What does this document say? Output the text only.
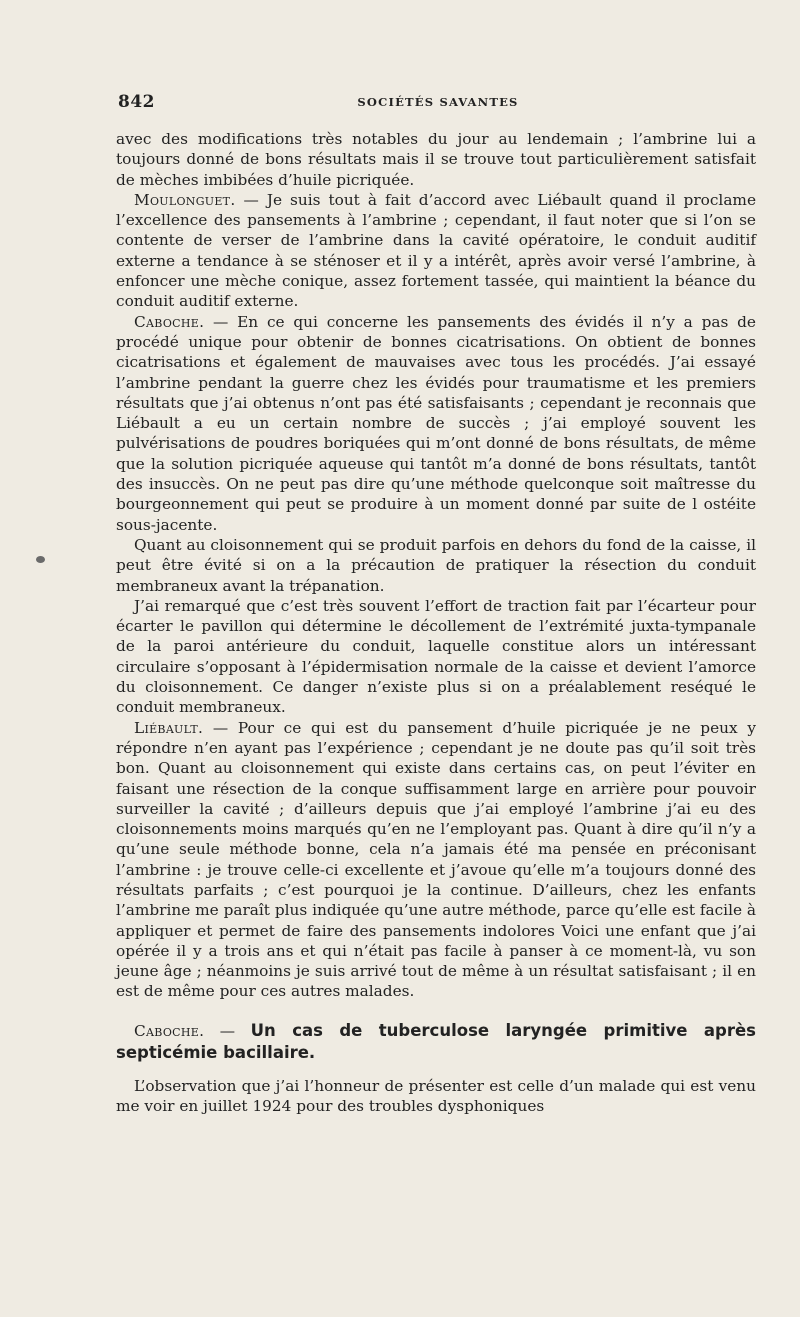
842	SOCIÉTÉS SAVANTES

avec des modifications très notables du jour au lendemain ; l’ambrine lui a toujours donné de bons résultats mais il se trouve tout particulièrement satisfait de mèches imbibées d’huile picriquée.

Moulonguet. — Je suis tout à fait d’accord avec Liébault quand il proclame l’excellence des pansements à l’ambrine ; cependant, il faut noter que si l’on se contente de verser de l’ambrine dans la cavité opératoire, le conduit auditif externe a tendance à se sténoser et il y a intérêt, après avoir versé l’ambrine, à enfoncer une mèche conique, assez fortement tassée, qui maintient la béance du conduit auditif externe.

Caboche. — En ce qui concerne les pansements des évidés il n’y a pas de procédé unique pour obtenir de bonnes cicatrisations. On obtient de bonnes cicatrisations et également de mauvaises avec tous les procédés. J’ai essayé l’ambrine pendant la guerre chez les évidés pour traumatisme et les premiers résultats que j’ai obtenus n’ont pas été satisfaisants ; cependant je reconnais que Liébault a eu un certain nombre de succès ; j’ai employé souvent les pulvérisations de poudres boriquées qui m’ont donné de bons résultats, de même que la solution picriquée aqueuse qui tantôt m’a donné de bons résultats, tantôt des insuccès. On ne peut pas dire qu’une méthode quelconque soit maîtresse du bourgeonnement qui peut se produire à un moment donné par suite de l ostéite sous-jacente.

Quant au cloisonnement qui se produit parfois en dehors du fond de la caisse, il peut être évité si on a la précaution de pratiquer la résection du conduit membraneux avant la trépanation.

J’ai remarqué que c’est très souvent l’effort de traction fait par l’écarteur pour écarter le pavillon qui détermine le décollement de l’extrémité juxta-tympanale de la paroi antérieure du conduit, laquelle constitue alors un intéressant circulaire s’opposant à l’épidermisation normale de la caisse et devient l’amorce du cloisonnement. Ce danger n’existe plus si on a préalablement reséqué le conduit membraneux.

Liébault. — Pour ce qui est du pansement d’huile picriquée je ne peux y répondre n’en ayant pas l’expérience ; cependant je ne doute pas qu’il soit très bon. Quant au cloisonnement qui existe dans certains cas, on peut l’éviter en faisant une résection de la conque suffisamment large en arrière pour pouvoir surveiller la cavité ; d’ailleurs depuis que j’ai employé l’ambrine j’ai eu des cloisonnements moins marqués qu’en ne l’employant pas. Quant à dire qu’il n’y a qu’une seule méthode bonne, cela n’a jamais été ma pensée en préconisant l’ambrine : je trouve celle-ci excellente et j’avoue qu’elle m’a toujours donné des résultats parfaits ; c’est pourquoi je la continue. D’ailleurs, chez les enfants l’ambrine me paraît plus indiquée qu’une autre méthode, parce qu’elle est facile à appliquer et permet de faire des pansements indolores Voici une enfant que j’ai opérée il y a trois ans et qui n’était pas facile à panser à ce moment-là, vu son jeune âge ; néanmoins je suis arrivé tout de même à un résultat satisfaisant ; il en est de même pour ces autres malades.

Caboche. — Un cas de tuberculose laryngée primitive après septicémie bacillaire.

L’observation que j’ai l’honneur de présenter est celle d’un malade qui est venu me voir en juillet 1924 pour des troubles dysphoniques
